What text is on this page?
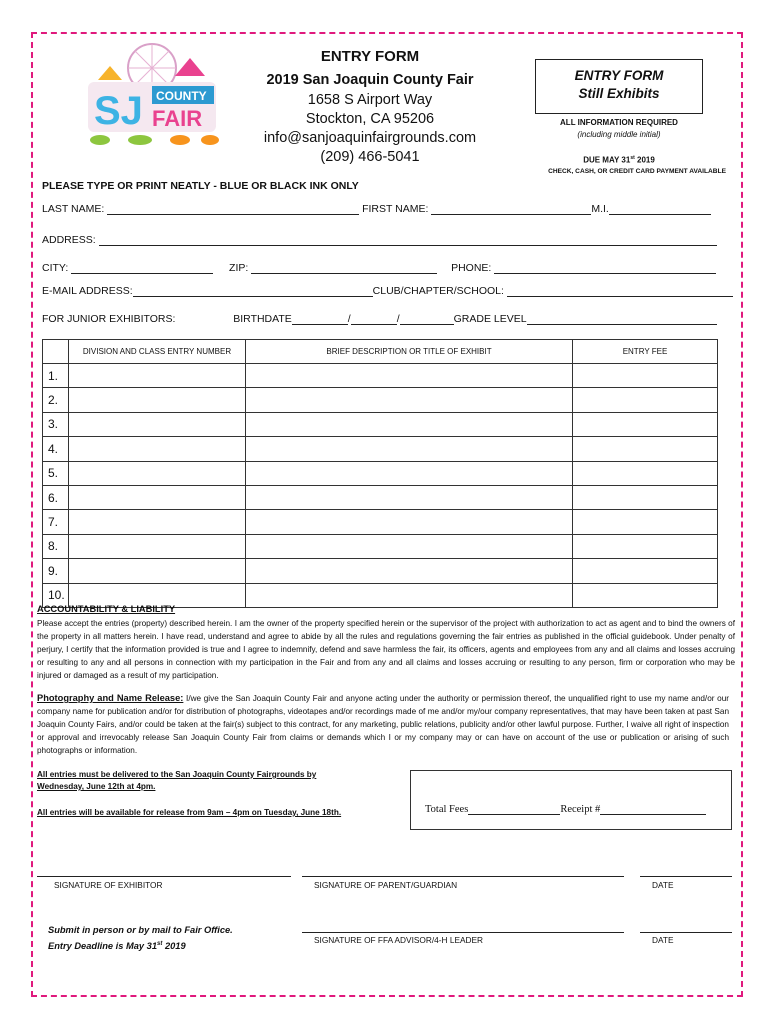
SJ COUNTY
FAIR
ENTRY FORM
2019 San Joaquin County Fair
1658 S Airport Way
Stockton, CA 95206
info@sanjoaquinfairgrounds.com
(209) 466-5041
ENTRY FORM
Still Exhibits
ALL INFORMATION REQUIRED
(including middle initial)
DUE MAY 31st 2019
CHECK, CASH, OR CREDIT CARD PAYMENT AVAILABLE
PLEASE TYPE OR PRINT NEATLY - BLUE OR BLACK INK ONLY
LAST NAME:	FIRST NAME:	M.I.
ADDRESS:
CITY:	ZIP:	PHONE:
E-MAIL ADDRESS:	CLUB/CHAPTER/SCHOOL:
FOR JUNIOR EXHIBITORS:	BIRTHDATE	/	/	GRADE LEVEL
	DIVISION AND CLASS ENTRY NUMBER	BRIEF DESCRIPTION OR TITLE OF EXHIBIT	ENTRY FEE
1.			
2.			
3.			
4.			
5.			
6.			
7.			
8.			
9.			
10.			
ACCOUNTABILITY & LIABILITY
Please accept the entries (property) described herein. I am the owner of the property specified herein or the supervisor of the project with authorization to act as agent and to bind the owners of the property in all matters herein. I have read, understand and agree to abide by all the rules and regulations governing the fair entries as published in the official guidebook. Under penalty of perjury, I certify that the information provided is true and I agree to indemnify, defend and save harmless the fair, its officers, agents and employees from any and all claims and losses accruing or resulting to any and all persons in connection with my participation in the Fair and from any and all claims and losses accruing or resulting to any person, firm or corporation who may be injured or damaged as a result of my participation.
Photography and Name Release: I/we give the San Joaquin County Fair and anyone acting under the authority or permission thereof, the unqualified right to use my name and/or our company name for publication and/or for distribution of photographs, videotapes and/or recordings made of me and/or my/our company representatives, that may have been taken at past San Joaquin County Fairs, and/or could be taken at the fair(s) subject to this contract, for any marketing, public relations, publicity and/or other lawful purpose. Further, I waive all right of inspection or approval and irrevocably release San Joaquin County Fair from claims or demands which I or my company may or can have on account of the use or publication or arising of such photographs or information.
All entries must be delivered to the San Joaquin County Fairgrounds by
Wednesday, June 12th at 4pm.
All entries will be available for release from 9am – 4pm on Tuesday, June 18th.	Total Fees	Receipt #
SIGNATURE OF EXHIBITOR	SIGNATURE OF PARENT/GUARDIAN	DATE
Submit in person or by mail to Fair Office.
Entry Deadline is May 31st 2019
SIGNATURE OF FFA ADVISOR/4-H LEADER	DATE
